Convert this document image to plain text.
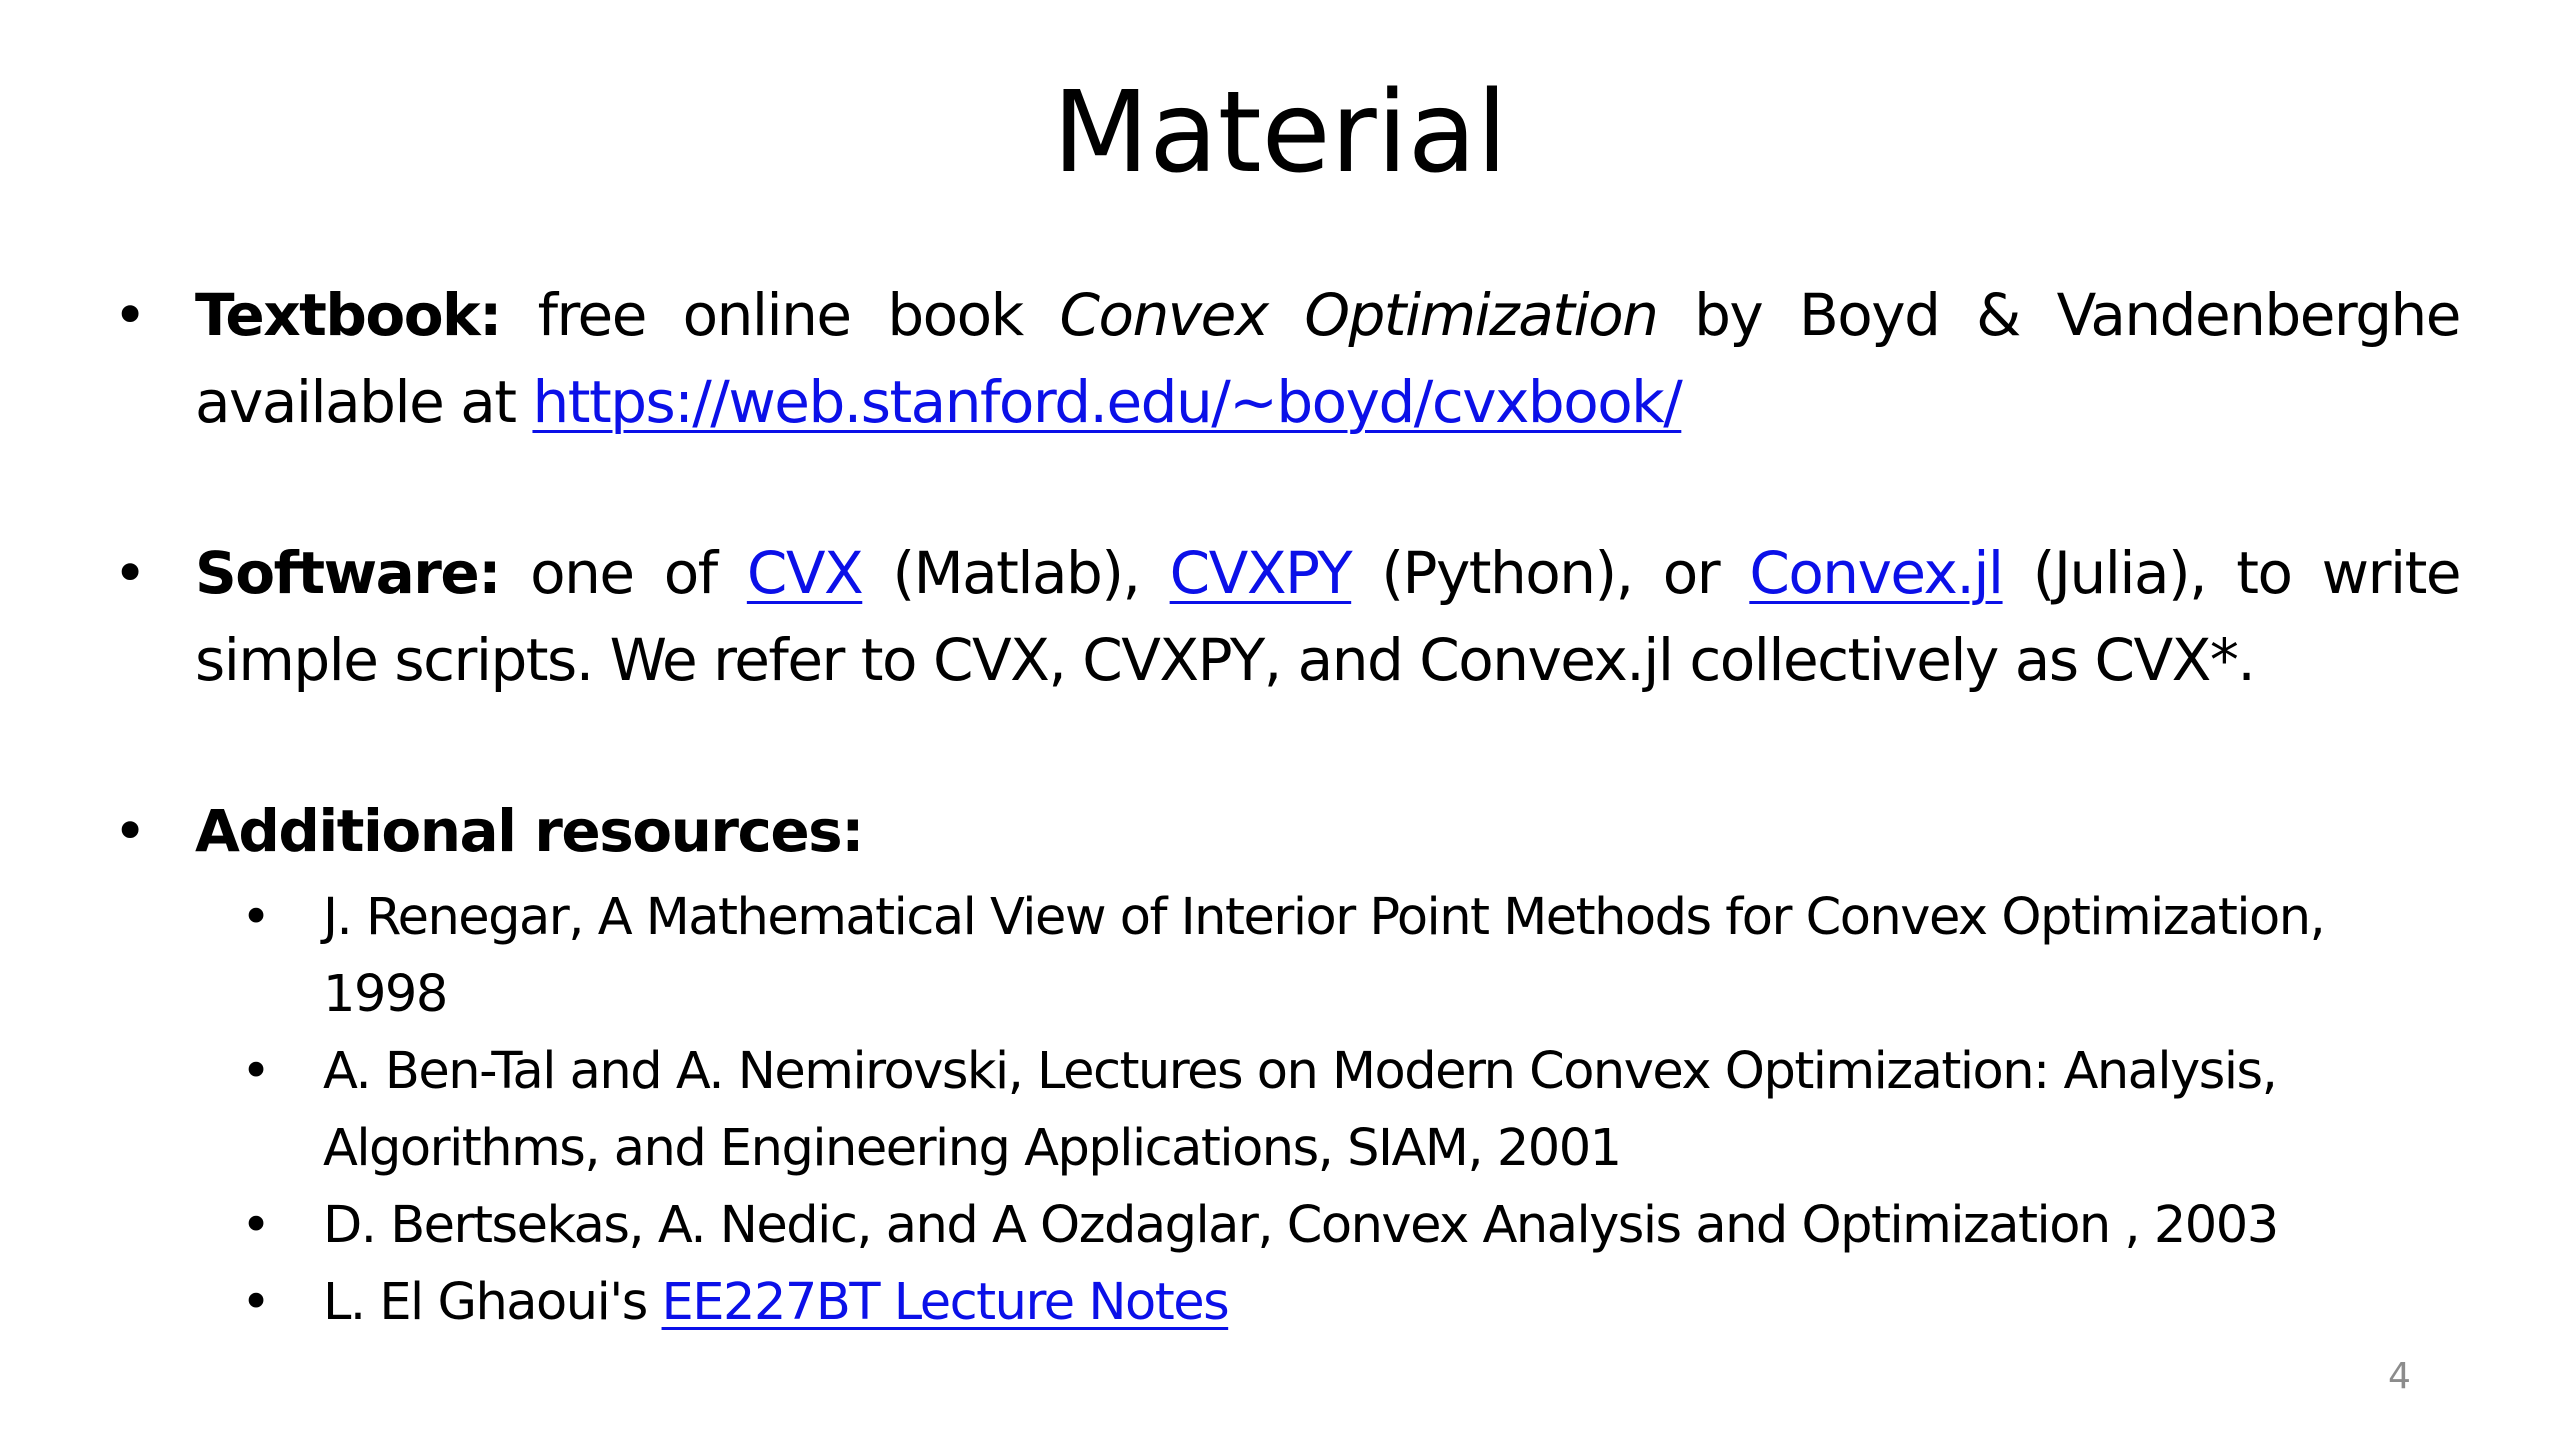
Material
• Textbook: free online book Convex Optimization by Boyd & Vandenberghe available at https://web.stanford.edu/~boyd/cvxbook/
• Software: one of CVX (Matlab), CVXPY (Python), or Convex.jl (Julia), to write simple scripts. We refer to CVX, CVXPY, and Convex.jl collectively as CVX*.
• Additional resources:
• J. Renegar, A Mathematical View of Interior Point Methods for Convex Optimization, 1998
• A. Ben-Tal and A. Nemirovski, Lectures on Modern Convex Optimization: Analysis, Algorithms, and Engineering Applications, SIAM, 2001
• D. Bertsekas, A. Nedic, and A Ozdaglar, Convex Analysis and Optimization , 2003
• L. El Ghaoui's EE227BT Lecture Notes
4
